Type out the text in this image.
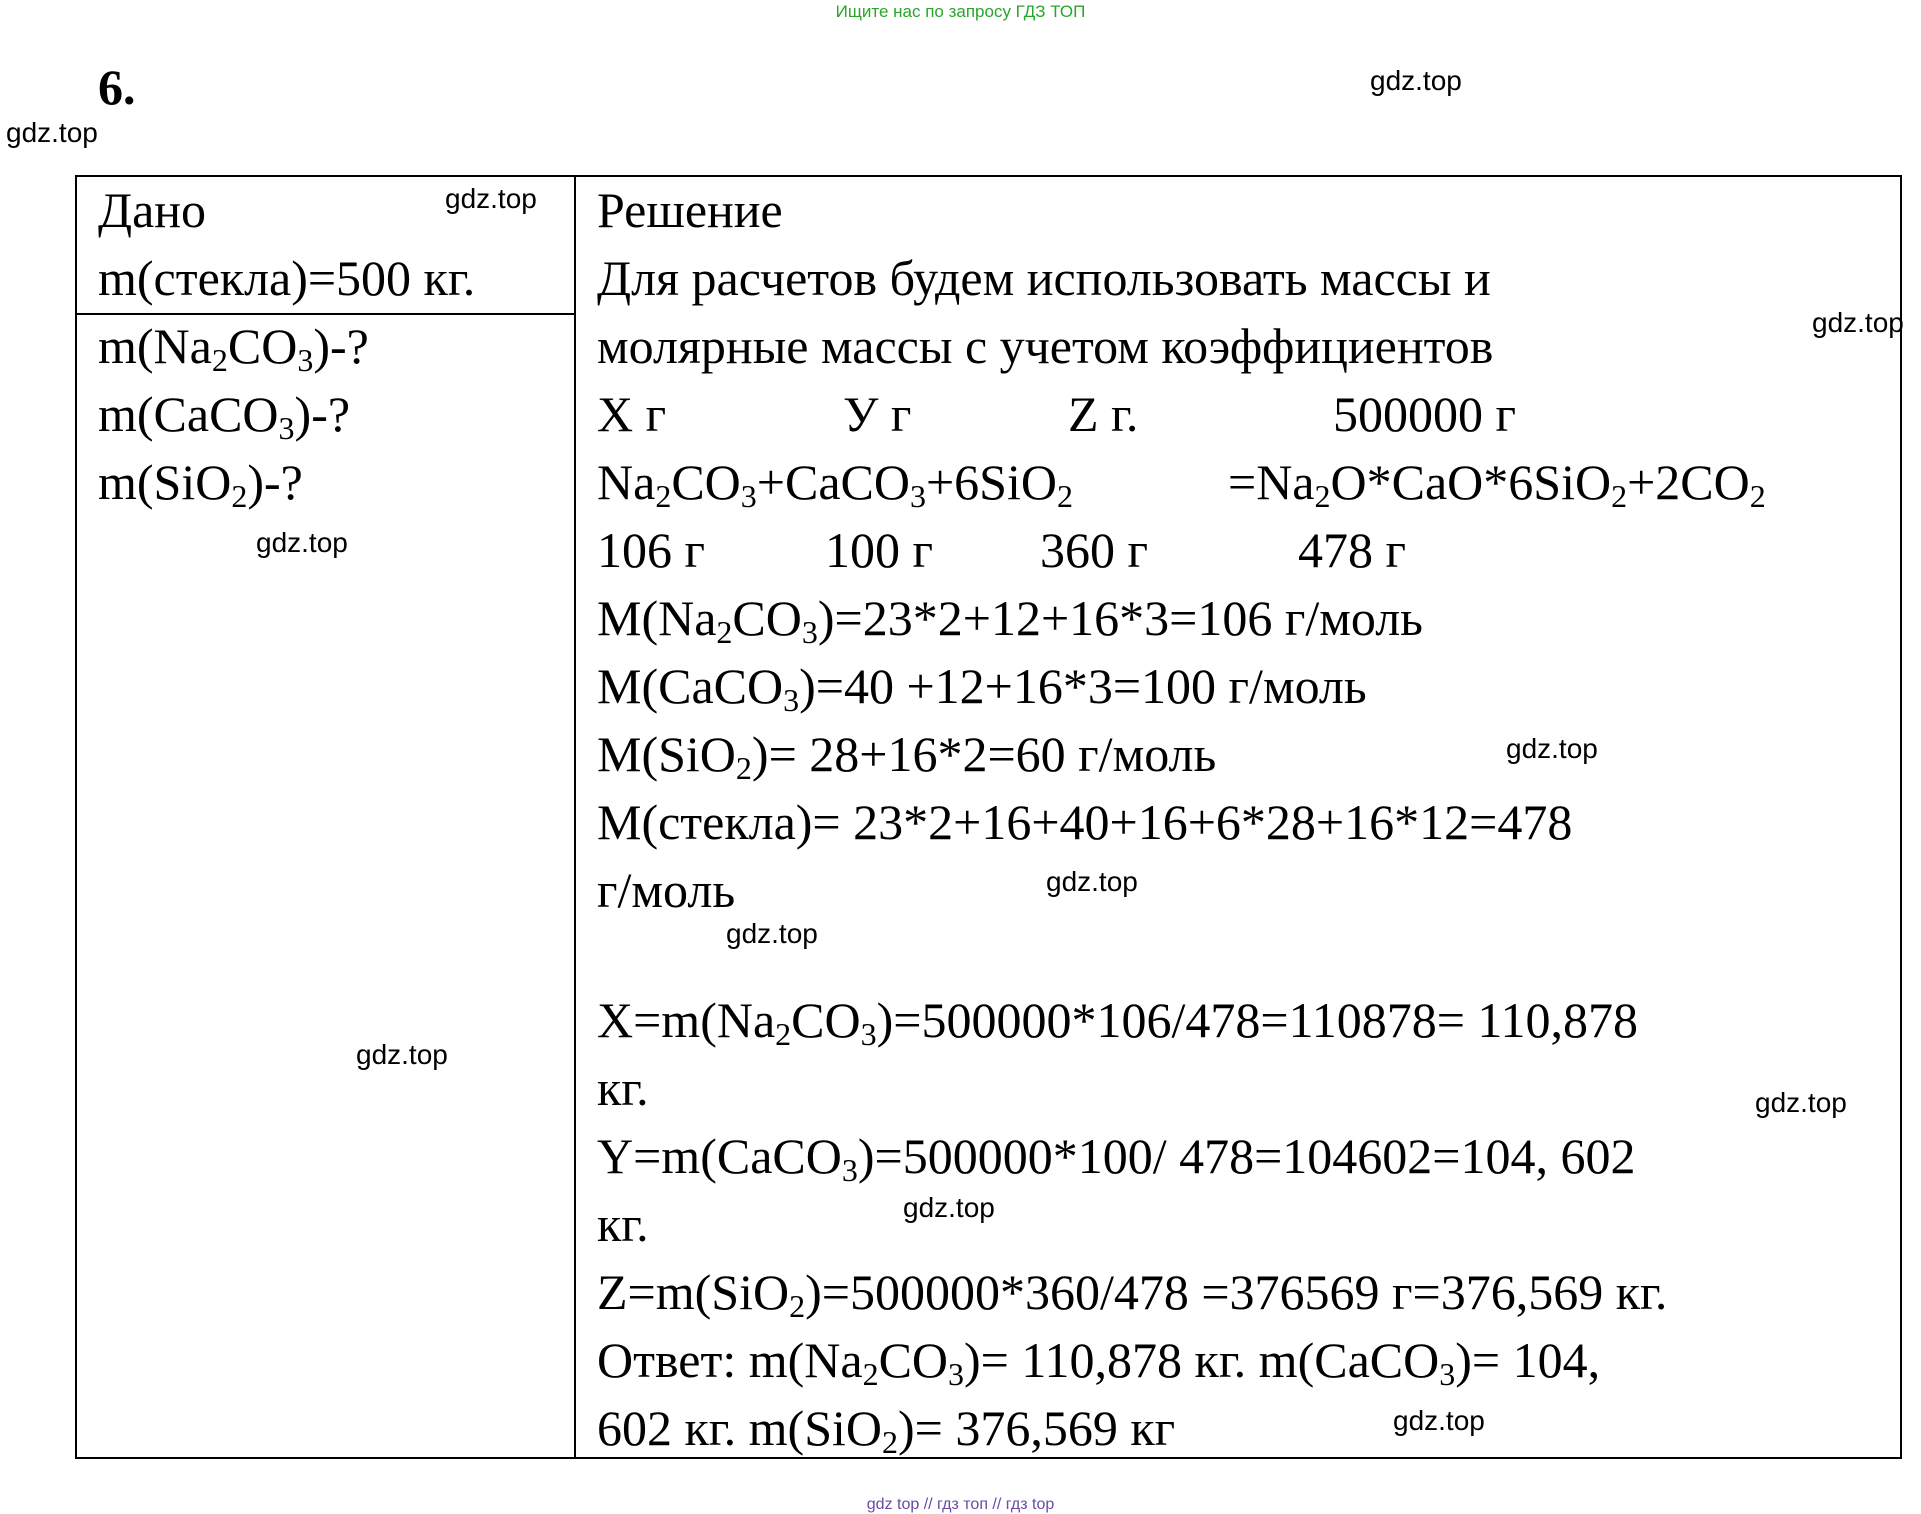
Ищите нас по запросу ГДЗ ТОП
6.	gdz.top
gdz.top
gdz.top
gdz.top
gdz.top
gdz.top
gdz.top
gdz.top
gdz.top
gdz.top
gdz.top
gdz.top
Дано
m(стекла)=500 кг.
$m(Na_2CO_3)-$?
m(CaCO$_3$)-?
m(SiO$_2$)-?
Решение
Для расчетов будем использовать массы и
молярные массы с учетом коэффициентов
X г	У г	Z г.	500000 г
$Na_2CO_3+CaCO_3+6SiO_2$	$=Na_2O*CaO*6SiO_2+2CO_2$
106 г 100 г 360 г	478 г
$M(Na_2CO_3)=23*2+12+16*3=106$ г/моль
M(CaCO$_3$)=40 +12+16*3=100 г/моль
M(SiO$_2$)= 28+16*2=60 г/моль
M(стекла)= 23*2+16+40+16+6*28+16*12=478
г/моль
$X=m(Na_2CO_3)=500000*106/478=110878= 110,878$
кг.
Y=m(CaCO$_3$)=500000*100/ 478=104602=104, 602
кг.
Z=m(SiO$_2$)=500000*360/478 =376569 г=376,569 кг.
Ответ: $m(Na_2CO_3)= 110,878$ кг. m(CaCO$_3$)= 104,
602 кг. m(SiO$_2$)= 376,569 кг
gdz top // гдз топ // гдз top
